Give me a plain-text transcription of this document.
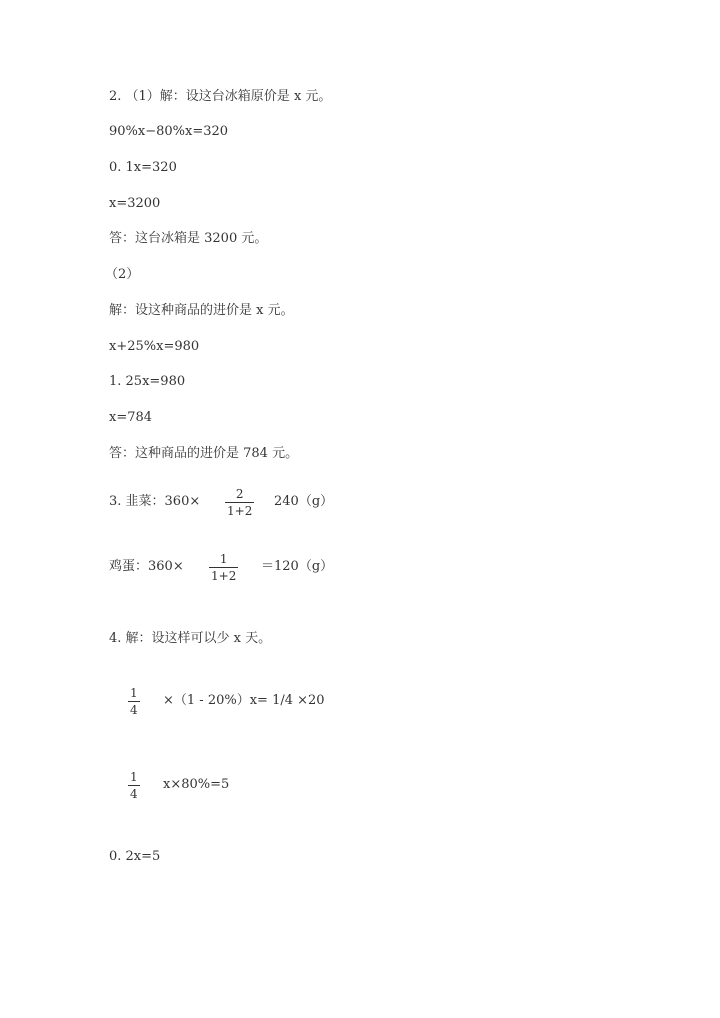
2. （1）解：设这台冰箱原价是 x 元。
90%x−80%x=320
0. 1x=320
x=3200
答：这台冰箱是 3200 元。
（2）
解：设这种商品的进价是 x 元。
x+25%x=980
1. 25x=980
x=784
答：这种商品的进价是 784 元。
3. 韭菜：360×	2
1+2
240（g）
鸡蛋：360×	1
1+2
＝120（g）
4. 解：设这样可以少 x 天。
1
4
×（1 - 20%）x= 1/4 ×20
1
4
x×80%=5
0. 2x=5
